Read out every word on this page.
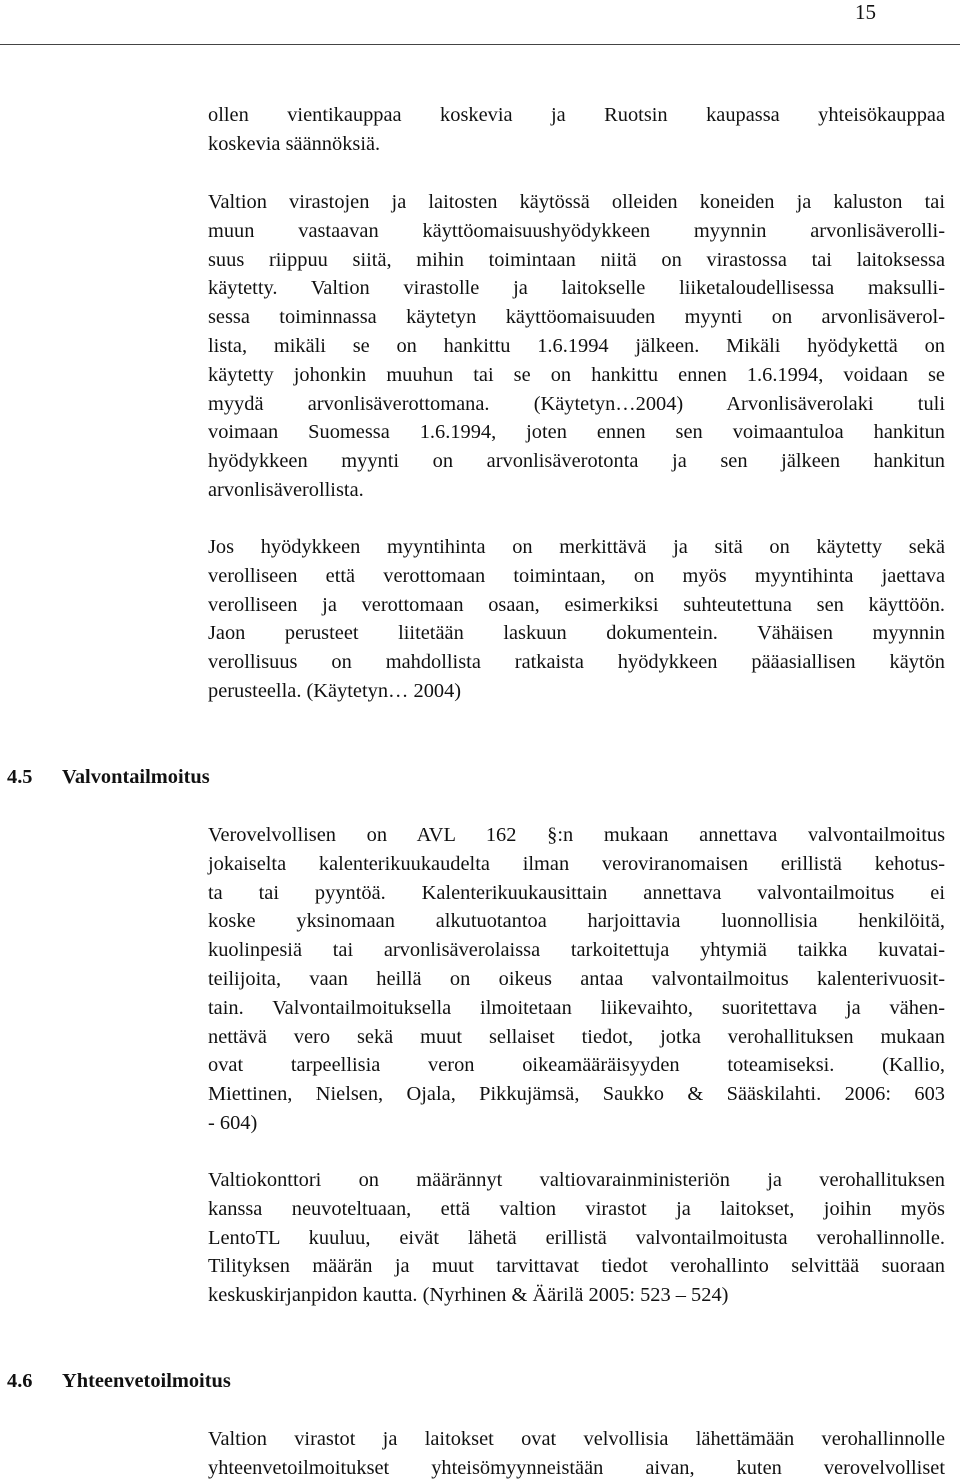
15

ollen vientikauppaa koskevia ja Ruotsin kaupassa yhteisökauppaa
koskevia säännöksiä.

Valtion virastojen ja laitosten käytössä olleiden koneiden ja kaluston tai
muun vastaavan käyttöomaisuushyödykkeen myynnin arvonlisäverolli-
suus riippuu siitä, mihin toimintaan niitä on virastossa tai laitoksessa
käytetty. Valtion virastolle ja laitokselle liiketaloudellisessa maksulli-
sessa toiminnassa käytetyn käyttöomaisuuden myynti on arvonlisäverol-
lista, mikäli se on hankittu 1.6.1994 jälkeen. Mikäli hyödykettä on
käytetty johonkin muuhun tai se on hankittu ennen 1.6.1994, voidaan se
myydä arvonlisäverottomana. (Käytetyn…2004) Arvonlisäverolaki tuli
voimaan Suomessa 1.6.1994, joten ennen sen voimaantuloa hankitun
hyödykkeen myynti on arvonlisäverotonta ja sen jälkeen hankitun
arvonlisäverollista.

Jos hyödykkeen myyntihinta on merkittävä ja sitä on käytetty sekä
verolliseen että verottomaan toimintaan, on myös myyntihinta jaettava
verolliseen ja verottomaan osaan, esimerkiksi suhteutettuna sen käyttöön.
Jaon perusteet liitetään laskuun dokumentein. Vähäisen myynnin
verollisuus on mahdollista ratkaista hyödykkeen pääasiallisen käytön
perusteella. (Käytetyn… 2004)

4.5 Valvontailmoitus

Verovelvollisen on AVL 162 §:n mukaan annettava valvontailmoitus
jokaiselta kalenterikuukaudelta ilman veroviranomaisen erillistä kehotus-
ta tai pyyntöä. Kalenterikuukausittain annettava valvontailmoitus ei
koske yksinomaan alkutuotantoa harjoittavia luonnollisia henkilöitä,
kuolinpesiä tai arvonlisäverolaissa tarkoitettuja yhtymiä taikka kuvatai-
teilijoita, vaan heillä on oikeus antaa valvontailmoitus kalenterivuosit-
tain. Valvontailmoituksella ilmoitetaan liikevaihto, suoritettava ja vähen-
nettävä vero sekä muut sellaiset tiedot, jotka verohallituksen mukaan
ovat tarpeellisia veron oikeamääräisyyden toteamiseksi. (Kallio,
Miettinen, Nielsen, Ojala, Pikkujämsä, Saukko & Sääskilahti. 2006: 603
- 604)

Valtiokonttori on määrännyt valtiovarainministeriön ja verohallituksen
kanssa neuvoteltuaan, että valtion virastot ja laitokset, joihin myös
LentoTL kuuluu, eivät lähetä erillistä valvontailmoitusta verohallinnolle.
Tilityksen määrän ja muut tarvittavat tiedot verohallinto selvittää suoraan
keskuskirjanpidon kautta. (Nyrhinen & Äärilä 2005: 523 – 524)

4.6 Yhteenvetoilmoitus

Valtion virastot ja laitokset ovat velvollisia lähettämään verohallinnolle
yhteenvetoilmoitukset yhteisömyynneistään aivan, kuten verovelvolliset
